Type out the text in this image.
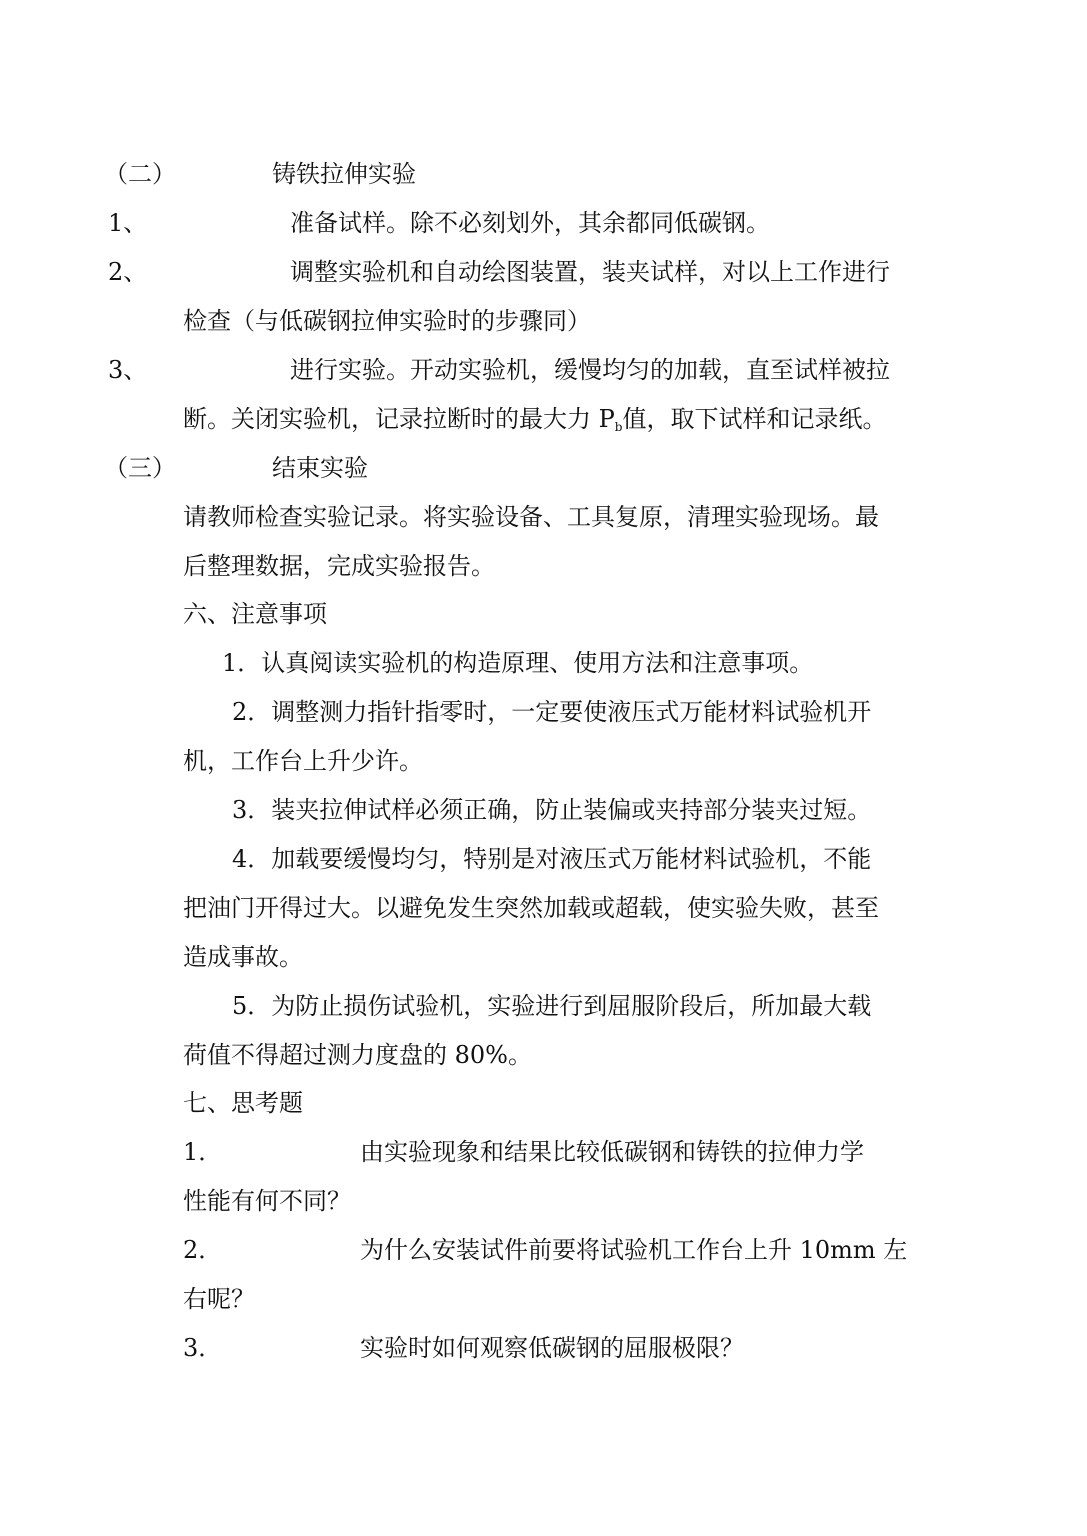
（二）	铸铁拉伸实验
1、	准备试样。除不必刻划外，其余都同低碳钢。
2、	调整实验机和自动绘图装置，装夹试样，对以上工作进行
检查（与低碳钢拉伸实验时的步骤同）
3、	进行实验。开动实验机，缓慢均匀的加载，直至试样被拉
断。关闭实验机，记录拉断时的最大力 $P_b$值，取下试样和记录纸。
（三）	结束实验
请教师检查实验记录。将实验设备、工具复原，清理实验现场。最
后整理数据，完成实验报告。
六、注意事项
1．认真阅读实验机的构造原理、使用方法和注意事项。
2．调整测力指针指零时，一定要使液压式万能材料试验机开
机，工作台上升少许。
3．装夹拉伸试样必须正确，防止装偏或夹持部分装夹过短。
4．加载要缓慢均匀，特别是对液压式万能材料试验机，不能
把油门开得过大。以避免发生突然加载或超载，使实验失败，甚至
造成事故。
5．为防止损伤试验机，实验进行到屈服阶段后，所加最大载
荷值不得超过测力度盘的 80%。
七、思考题
1．	由实验现象和结果比较低碳钢和铸铁的拉伸力学
性能有何不同？
2．	为什么安装试件前要将试验机工作台上升 10mm 左
右呢？
3．	实验时如何观察低碳钢的屈服极限？
